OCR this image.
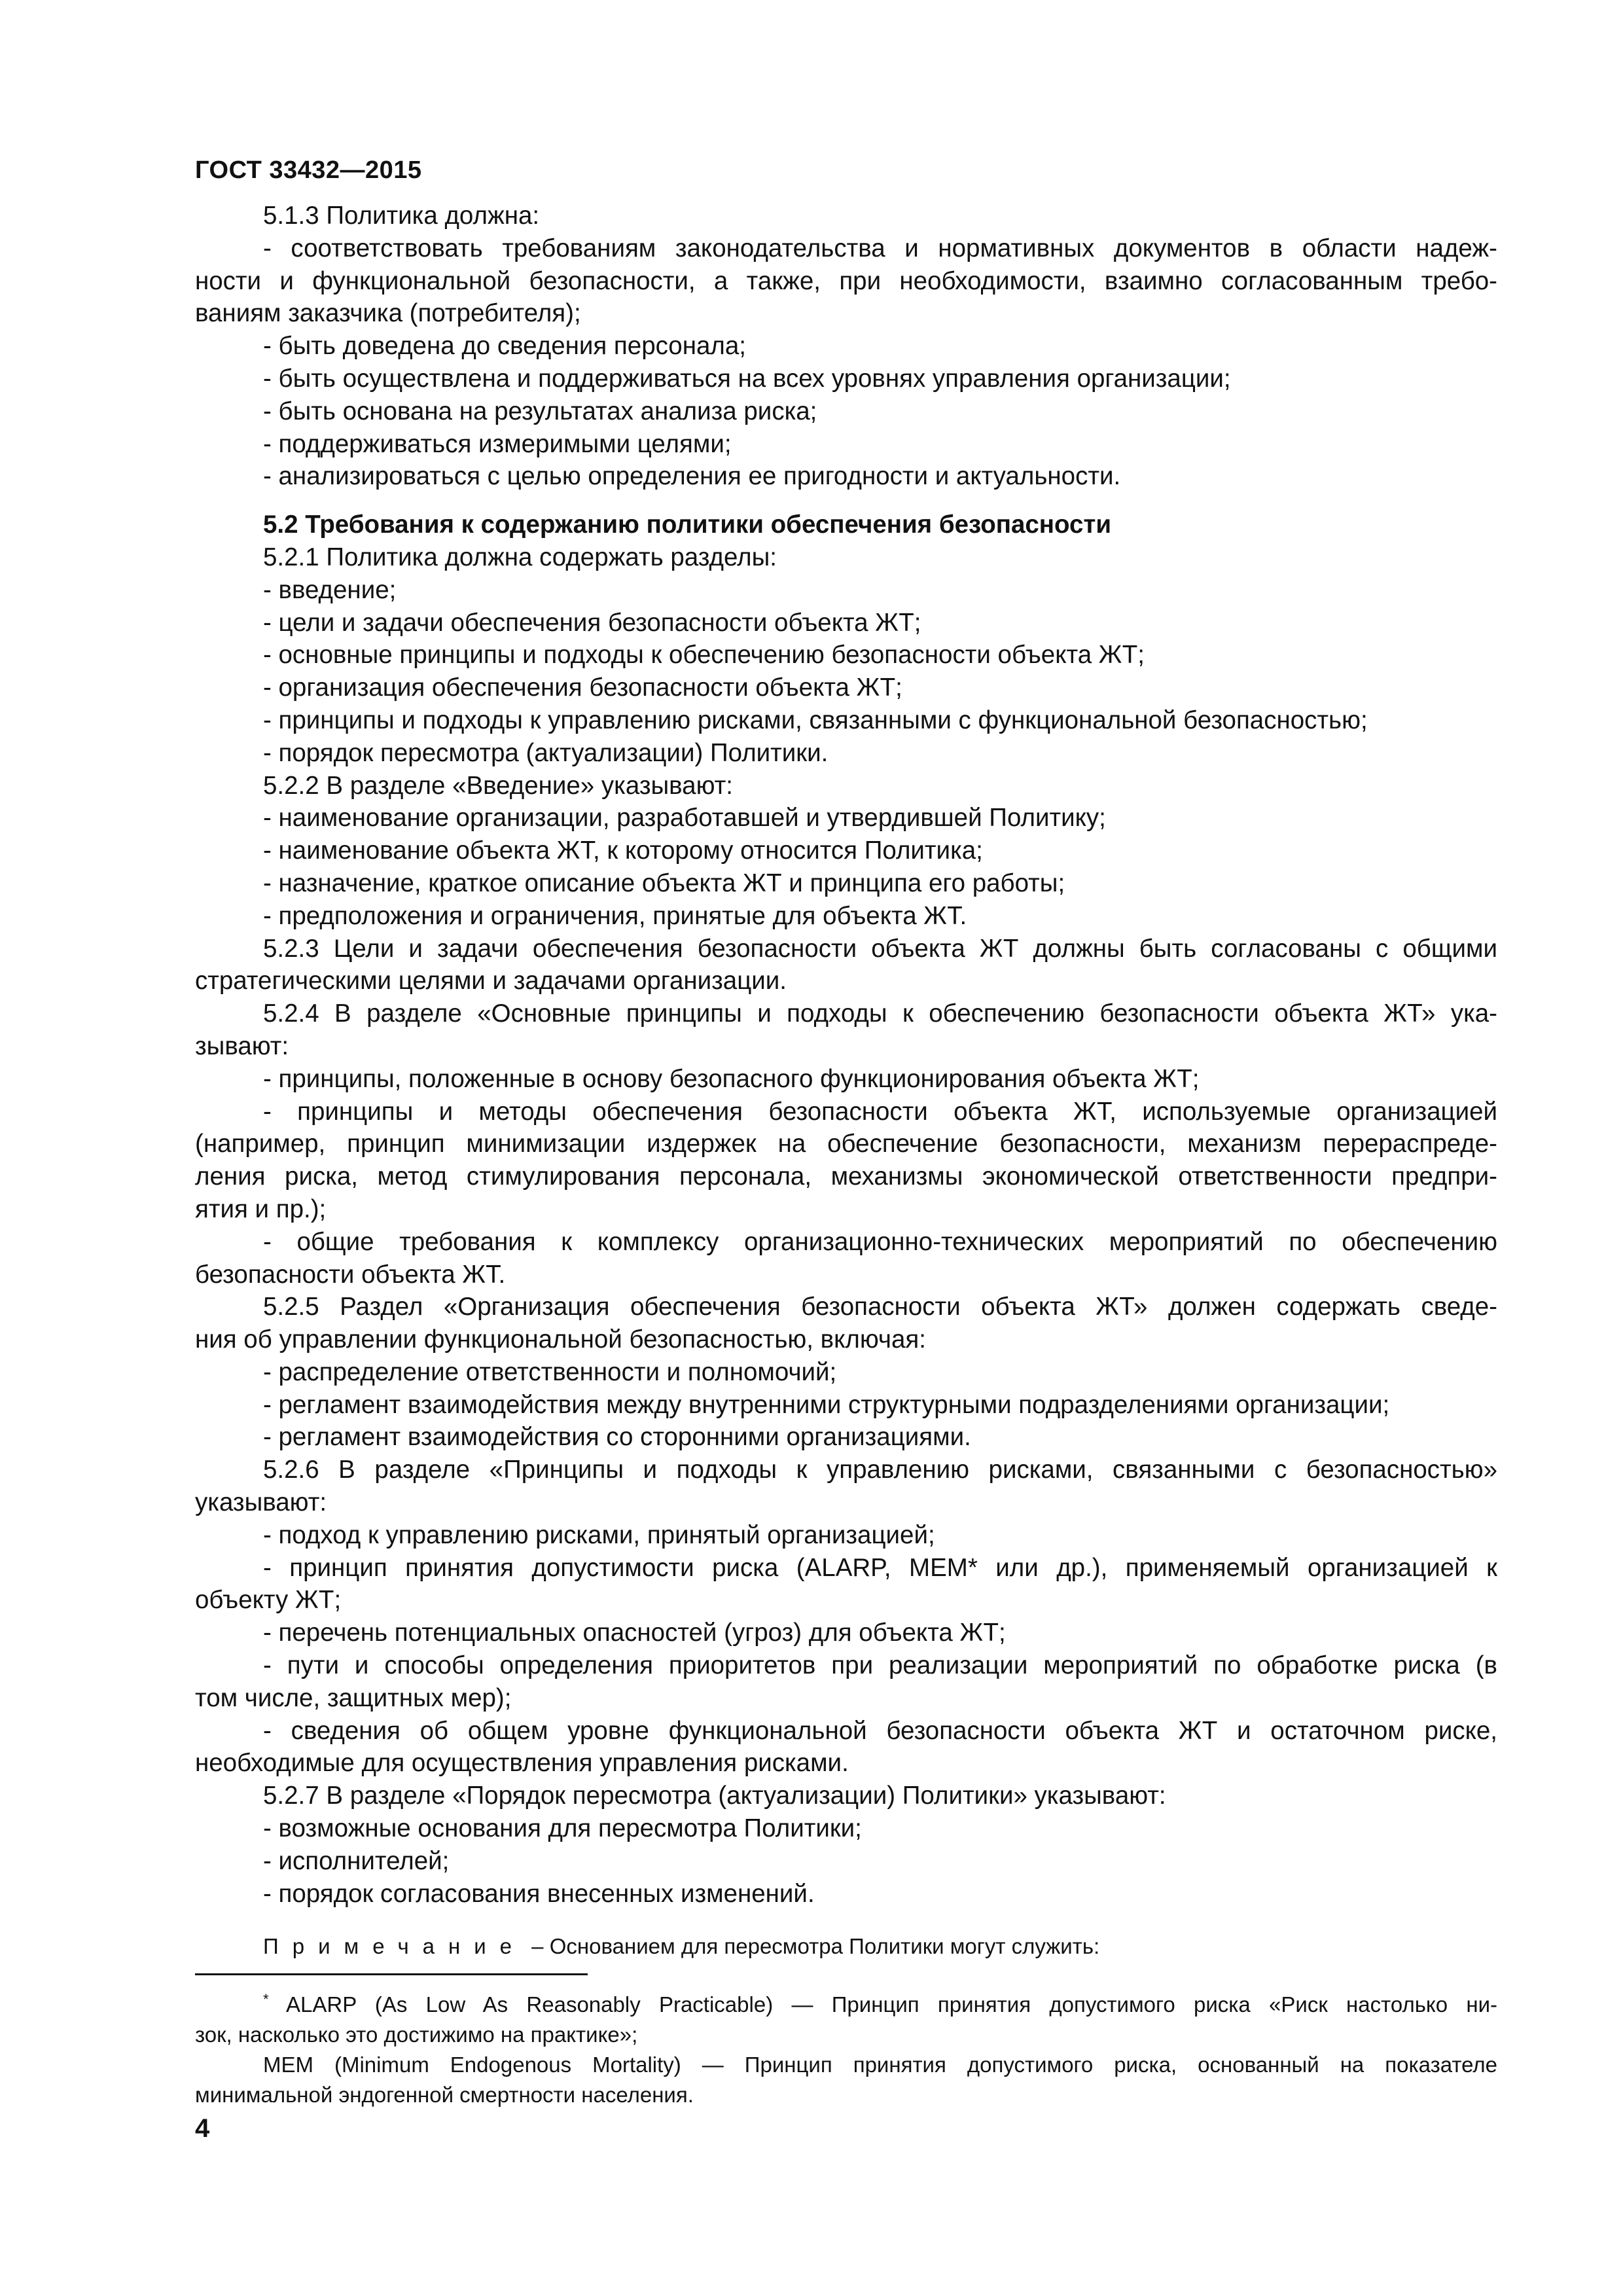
ГОСТ 33432—2015

5.1.3 Политика должна:

- соответствовать требованиям законодательства и нормативных документов в области надеж-

ности и функциональной безопасности, а также, при необходимости, взаимно согласованным требо-

ваниям заказчика (потребителя);

- быть доведена до сведения персонала;

- быть осуществлена и поддерживаться на всех уровнях управления организации;

- быть основана на результатах анализа риска;

- поддерживаться измеримыми целями;

- анализироваться с целью определения ее пригодности и актуальности.

5.2 Требования к содержанию политики обеспечения безопасности

5.2.1 Политика должна содержать разделы:

- введение;

- цели и задачи обеспечения безопасности объекта ЖТ;

- основные принципы и подходы к обеспечению безопасности объекта ЖТ;

- организация обеспечения безопасности объекта ЖТ;

- принципы и подходы к управлению рисками, связанными с функциональной безопасностью;

- порядок пересмотра (актуализации) Политики.

5.2.2 В разделе «Введение» указывают:

- наименование организации, разработавшей и утвердившей Политику;

- наименование объекта ЖТ, к которому относится Политика;

- назначение, краткое описание объекта ЖТ и принципа его работы;

- предположения и ограничения, принятые для объекта ЖТ.

5.2.3 Цели и задачи обеспечения безопасности объекта ЖТ должны быть согласованы с общими

стратегическими целями и задачами организации.

5.2.4 В разделе «Основные принципы и подходы к обеспечению безопасности объекта ЖТ» ука-

зывают:

- принципы, положенные в основу безопасного функционирования объекта ЖТ;

- принципы и методы обеспечения безопасности объекта ЖТ, используемые организацией

(например, принцип минимизации издержек на обеспечение безопасности, механизм перераспреде-

ления риска, метод стимулирования персонала, механизмы экономической ответственности предпри-

ятия и пр.);

- общие требования к комплексу организационно-технических мероприятий по обеспечению

безопасности объекта ЖТ.

5.2.5 Раздел «Организация обеспечения безопасности объекта ЖТ» должен содержать сведе-

ния об управлении функциональной безопасностью, включая:

- распределение ответственности и полномочий;

- регламент взаимодействия между внутренними структурными подразделениями организации;

- регламент взаимодействия со сторонними организациями.

5.2.6 В разделе «Принципы и подходы к управлению рисками, связанными с безопасностью»

указывают:

- подход к управлению рисками, принятый организацией;

- принцип принятия допустимости риска (ALARP, МЕМ* или др.), применяемый организацией к

объекту ЖТ;

- перечень потенциальных опасностей (угроз) для объекта ЖТ;

- пути и способы определения приоритетов при реализации мероприятий по обработке риска (в

том числе, защитных мер);

- сведения об общем уровне функциональной безопасности объекта ЖТ и остаточном риске,

необходимые для осуществления управления рисками.

5.2.7 В разделе «Порядок пересмотра (актуализации) Политики» указывают:

- возможные основания для пересмотра Политики;

- исполнителей;

- порядок согласования внесенных изменений.

Примечание – Основанием для пересмотра Политики могут служить:

* ALARP (As Low As Reasonably Practicable) — Принцип принятия допустимого риска «Риск настолько ни-

зок, насколько это достижимо на практике»;

МЕМ (Minimum Endogenous Mortality) — Принцип принятия допустимого риска, основанный на показателе

минимальной эндогенной смертности населения.

4
